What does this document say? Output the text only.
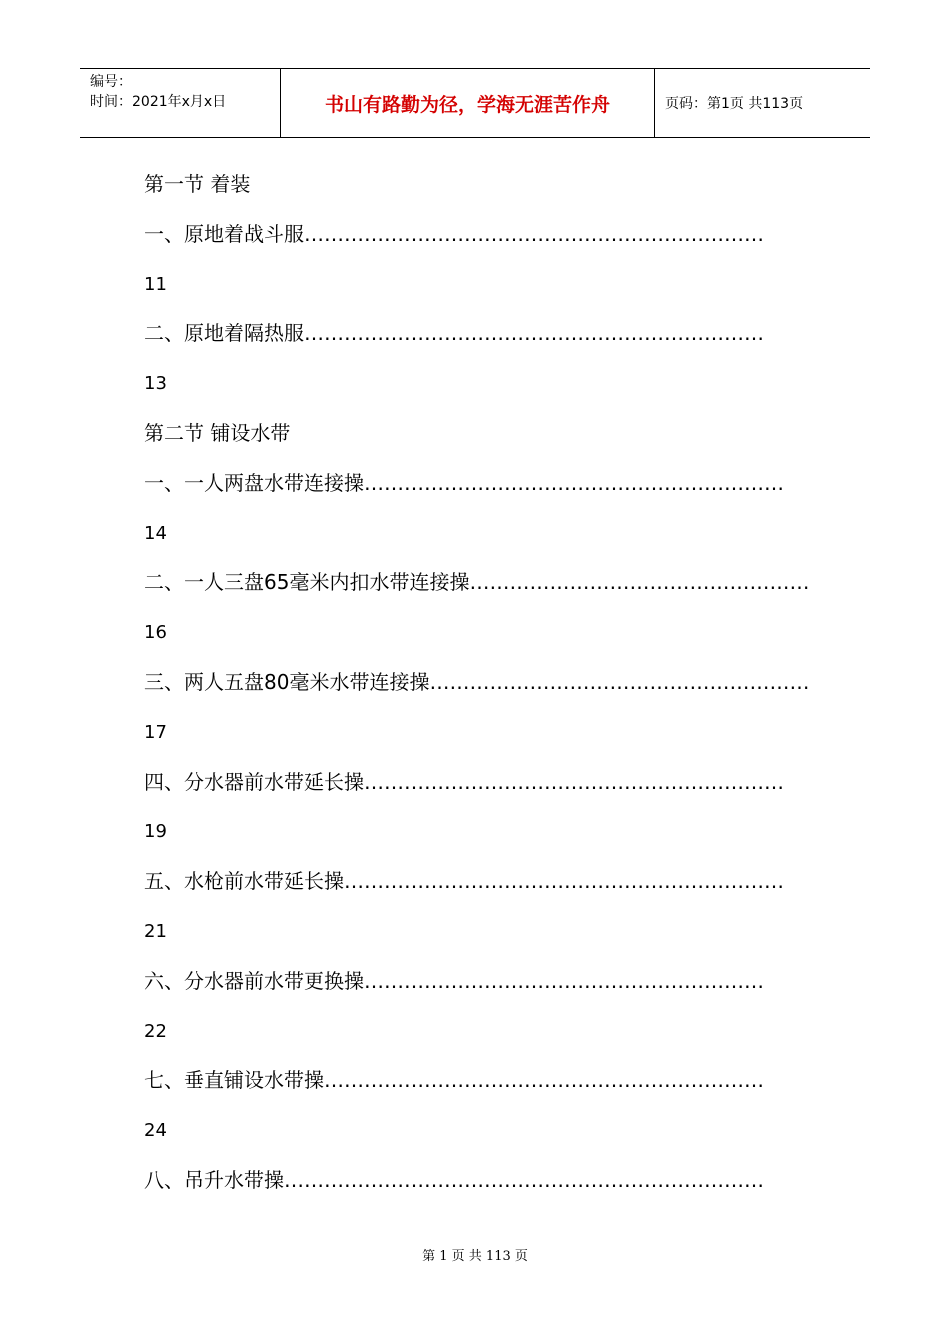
编号：
时间：2021年x月x日	书山有路勤为径，学海无涯苦作舟	页码：第1页 共113页
第一节 着装
一、原地着战斗服 ……………………………………………………………
11
二、原地着隔热服 ……………………………………………………………
13
第二节 铺设水带
一、一人两盘水带连接操 ………………………………………………………
14
二、一人三盘65毫米内扣水带连接操 ……………………………………………
16
三、两人五盘80毫米水带连接操 …………………………………………………
17
四、分水器前水带延长操 ………………………………………………………
19
五、水枪前水带延长操 …………………………………………………………
21
六、分水器前水带更换操 ……………………………………………………
22
七、垂直铺设水带操 …………………………………………………………
24
八、吊升水带操 ………………………………………………………………
第 1 页 共 113 页
